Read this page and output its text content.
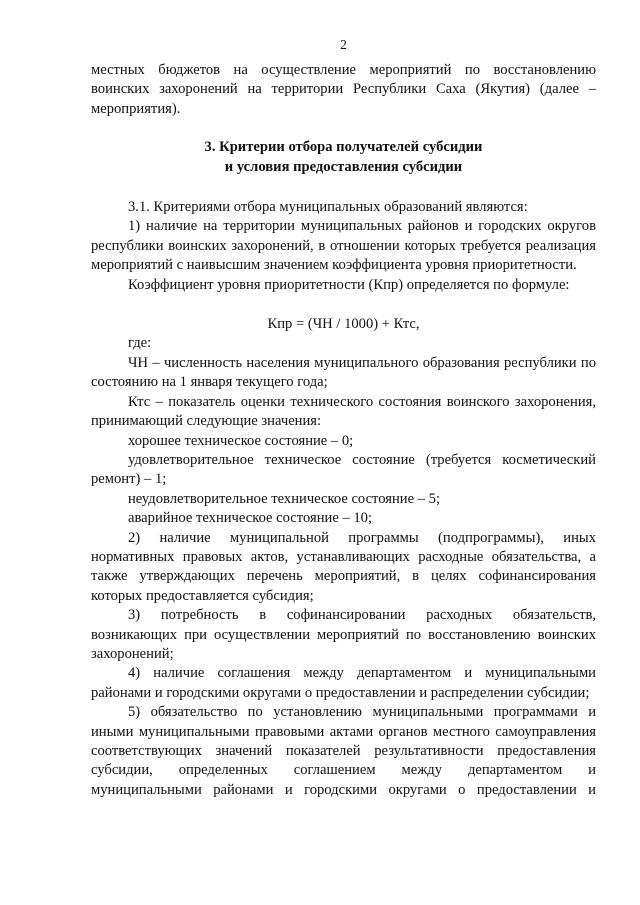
2

местных бюджетов на осуществление мероприятий по восстановлению воинских захоронений на территории Республики Саха (Якутия) (далее – мероприятия).

3. Критерии отбора получателей субсидии
и условия предоставления субсидии

3.1. Критериями отбора муниципальных образований являются:

1) наличие на территории муниципальных районов и городских округов республики воинских захоронений, в отношении которых требуется реализация мероприятий с наивысшим значением коэффициента уровня приоритетности.

Коэффициент уровня приоритетности (Кпр) определяется по формуле:

Кпр = (ЧН / 1000) + Ктс,

где:

ЧН – численность населения муниципального образования республики по состоянию на 1 января текущего года;

Ктс – показатель оценки технического состояния воинского захоронения, принимающий следующие значения:

хорошее техническое состояние – 0;

удовлетворительное техническое состояние (требуется косметический ремонт) – 1;

неудовлетворительное техническое состояние – 5;

аварийное техническое состояние – 10;

2) наличие муниципальной программы (подпрограммы), иных нормативных правовых актов, устанавливающих расходные обязательства, а также утверждающих перечень мероприятий, в целях софинансирования которых предоставляется субсидия;

3) потребность в софинансировании расходных обязательств, возникающих при осуществлении мероприятий по восстановлению воинских захоронений;

4) наличие соглашения между департаментом и муниципальными районами и городскими округами о предоставлении и распределении субсидии;

5) обязательство по установлению муниципальными программами и иными муниципальными правовыми актами органов местного самоуправления соответствующих значений показателей результативности предоставления субсидии, определенных соглашением между департаментом и муниципальными районами и городскими округами о предоставлении и
